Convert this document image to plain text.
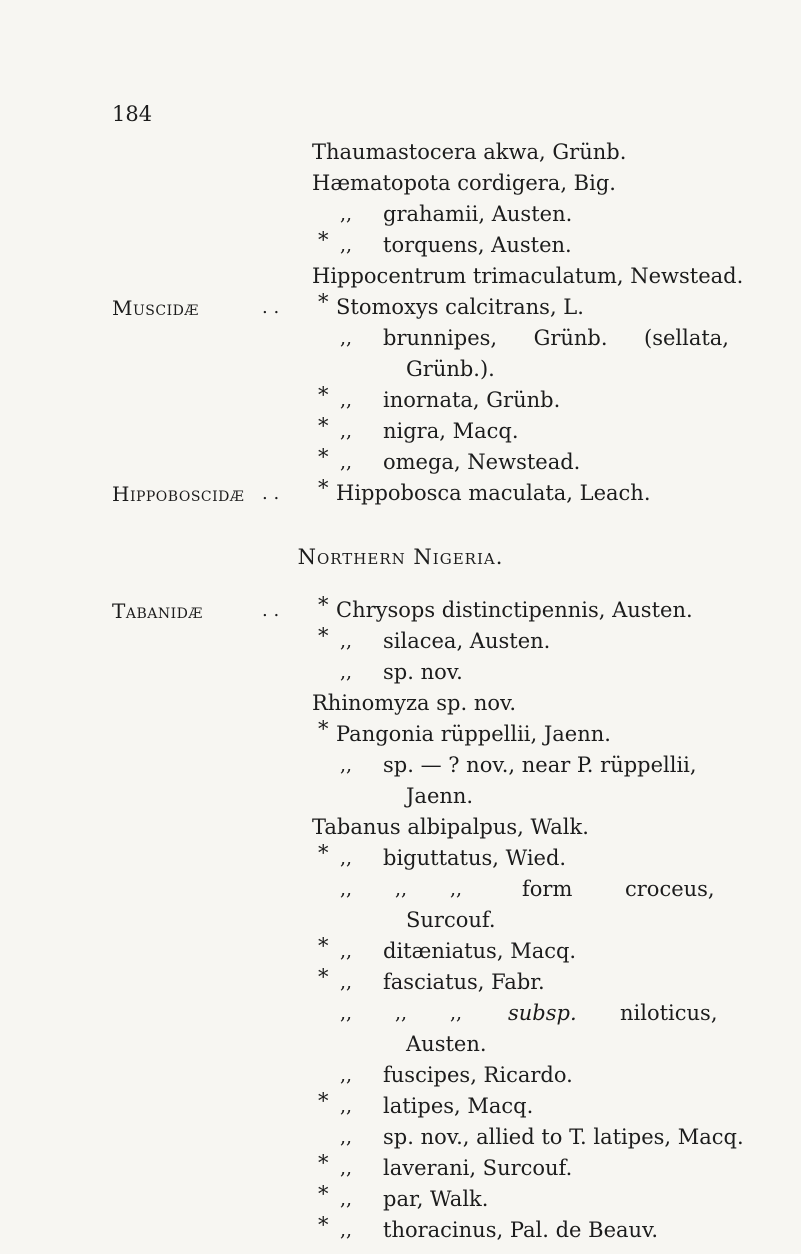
184
Thaumastocera akwa, Grünb.
Hæmatopota cordigera, Big.
,, grahamii, Austen.
* ,, torquens, Austen.
Hippocentrum trimaculatum, Newstead.
Muscidæ	. . * Stomoxys calcitrans, L.
,, brunnipes, Grünb. (sellata,
Grünb.).
* ,, inornata, Grünb.
* ,, nigra, Macq.
* ,, omega, Newstead.
Hippoboscidæ . . * Hippobosca maculata, Leach.
Northern Nigeria.
Tabanidæ	. . * Chrysops distinctipennis, Austen.
* ,, silacea, Austen.
,, sp. nov.
Rhinomyza sp. nov.
* Pangonia rüppellii, Jaenn.
,, sp. — ? nov., near P. rüppellii,
Jaenn.
Tabanus albipalpus, Walk.
* ,, biguttatus, Wied.
,, ,, ,,	form	croceus,
Surcouf.
* ,, ditæniatus, Macq.
* ,, fasciatus, Fabr.
,, ,, ,, subsp. niloticus,
Austen.
,, fuscipes, Ricardo.
* ,, latipes, Macq.
,, sp. nov., allied to T. latipes, Macq.
* ,, laverani, Surcouf.
* ,, par, Walk.
* ,, thoracinus, Pal. de Beauv.
